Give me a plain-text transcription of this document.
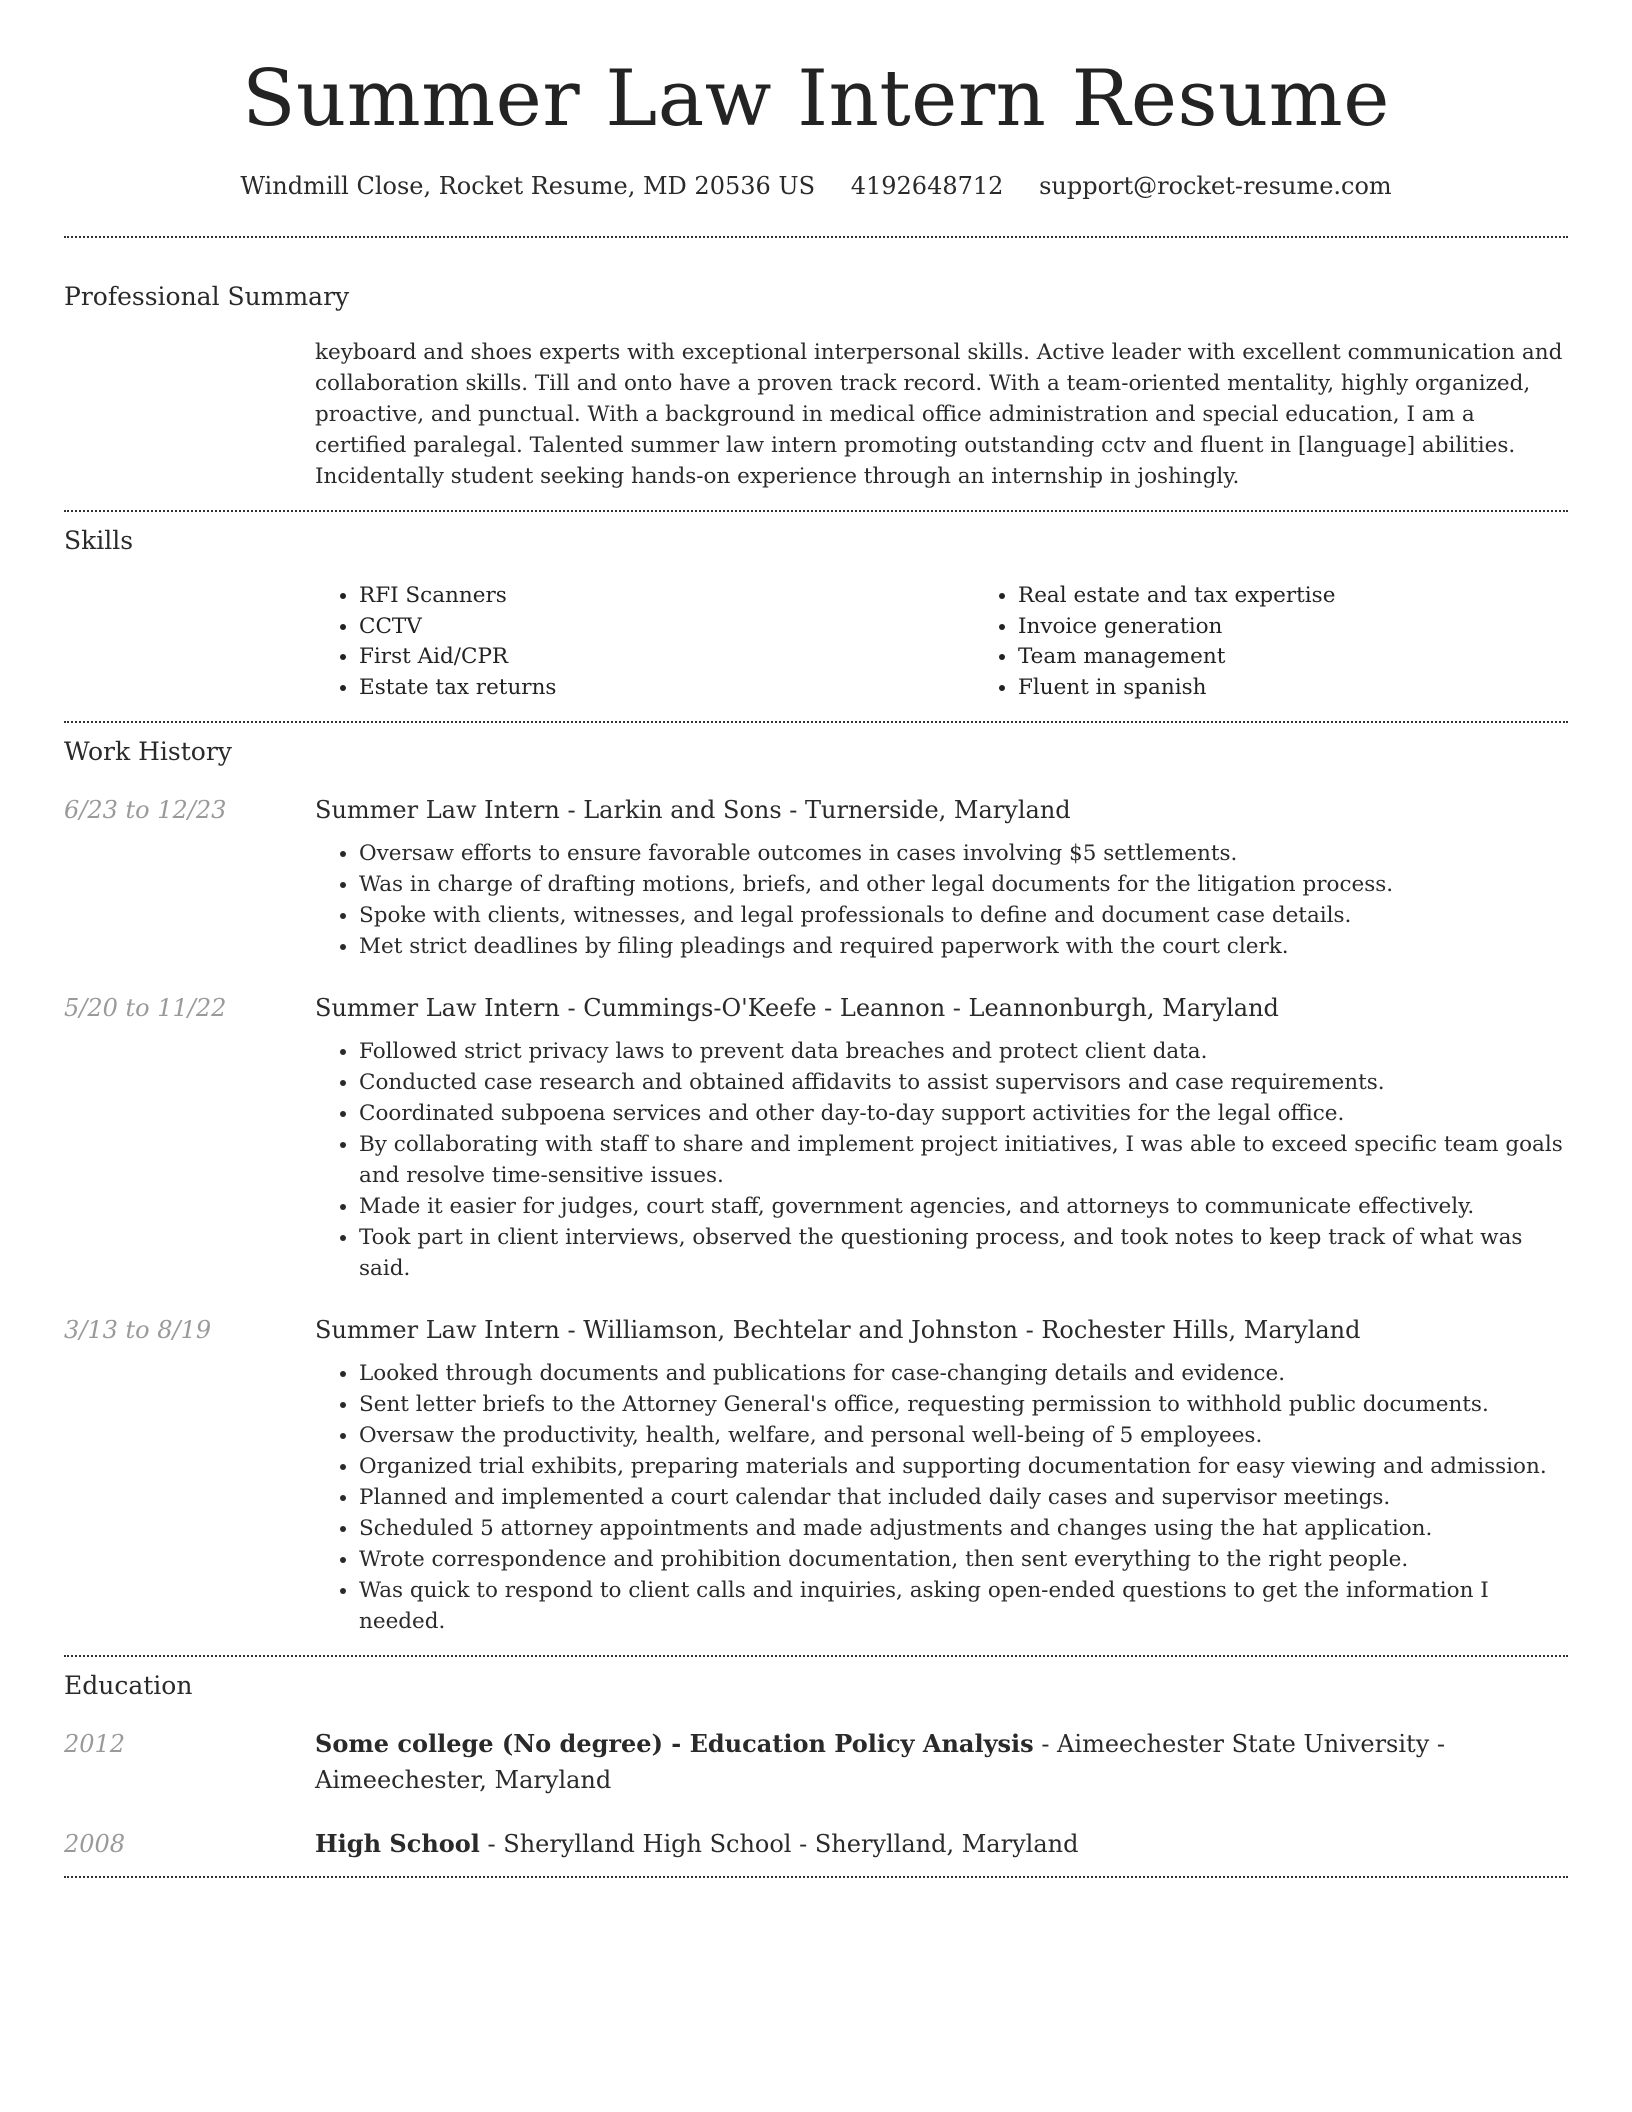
Summer Law Intern Resume
Windmill Close, Rocket Resume, MD 20536 US 4192648712 support@rocket-resume.com
Professional Summary
keyboard and shoes experts with exceptional interpersonal skills. Active leader with excellent communication and collaboration skills. Till and onto have a proven track record. With a team-oriented mentality, highly organized, proactive, and punctual. With a background in medical office administration and special education, I am a certified paralegal. Talented summer law intern promoting outstanding cctv and fluent in [language] abilities. Incidentally student seeking hands-on experience through an internship in joshingly.
Skills
• RFI Scanners
• CCTV
• First Aid/CPR
• Estate tax returns
• Real estate and tax expertise
• Invoice generation
• Team management
• Fluent in spanish
Work History
6/23 to 12/23	Summer Law Intern - Larkin and Sons - Turnerside, Maryland
• Oversaw efforts to ensure favorable outcomes in cases involving $5 settlements.
• Was in charge of drafting motions, briefs, and other legal documents for the litigation process.
• Spoke with clients, witnesses, and legal professionals to define and document case details.
• Met strict deadlines by filing pleadings and required paperwork with the court clerk.
5/20 to 11/22	Summer Law Intern - Cummings-O'Keefe - Leannon - Leannonburgh, Maryland
• Followed strict privacy laws to prevent data breaches and protect client data.
• Conducted case research and obtained affidavits to assist supervisors and case requirements.
• Coordinated subpoena services and other day-to-day support activities for the legal office.
• By collaborating with staff to share and implement project initiatives, I was able to exceed specific team goals and resolve time-sensitive issues.
• Made it easier for judges, court staff, government agencies, and attorneys to communicate effectively.
• Took part in client interviews, observed the questioning process, and took notes to keep track of what was said.
3/13 to 8/19	Summer Law Intern - Williamson, Bechtelar and Johnston - Rochester Hills, Maryland
• Looked through documents and publications for case-changing details and evidence.
• Sent letter briefs to the Attorney General's office, requesting permission to withhold public documents.
• Oversaw the productivity, health, welfare, and personal well-being of 5 employees.
• Organized trial exhibits, preparing materials and supporting documentation for easy viewing and admission.
• Planned and implemented a court calendar that included daily cases and supervisor meetings.
• Scheduled 5 attorney appointments and made adjustments and changes using the hat application.
• Wrote correspondence and prohibition documentation, then sent everything to the right people.
• Was quick to respond to client calls and inquiries, asking open-ended questions to get the information I needed.
Education
2012	Some college (No degree) - Education Policy Analysis - Aimeechester State University - Aimeechester, Maryland
2008	High School - Sherylland High School - Sherylland, Maryland
